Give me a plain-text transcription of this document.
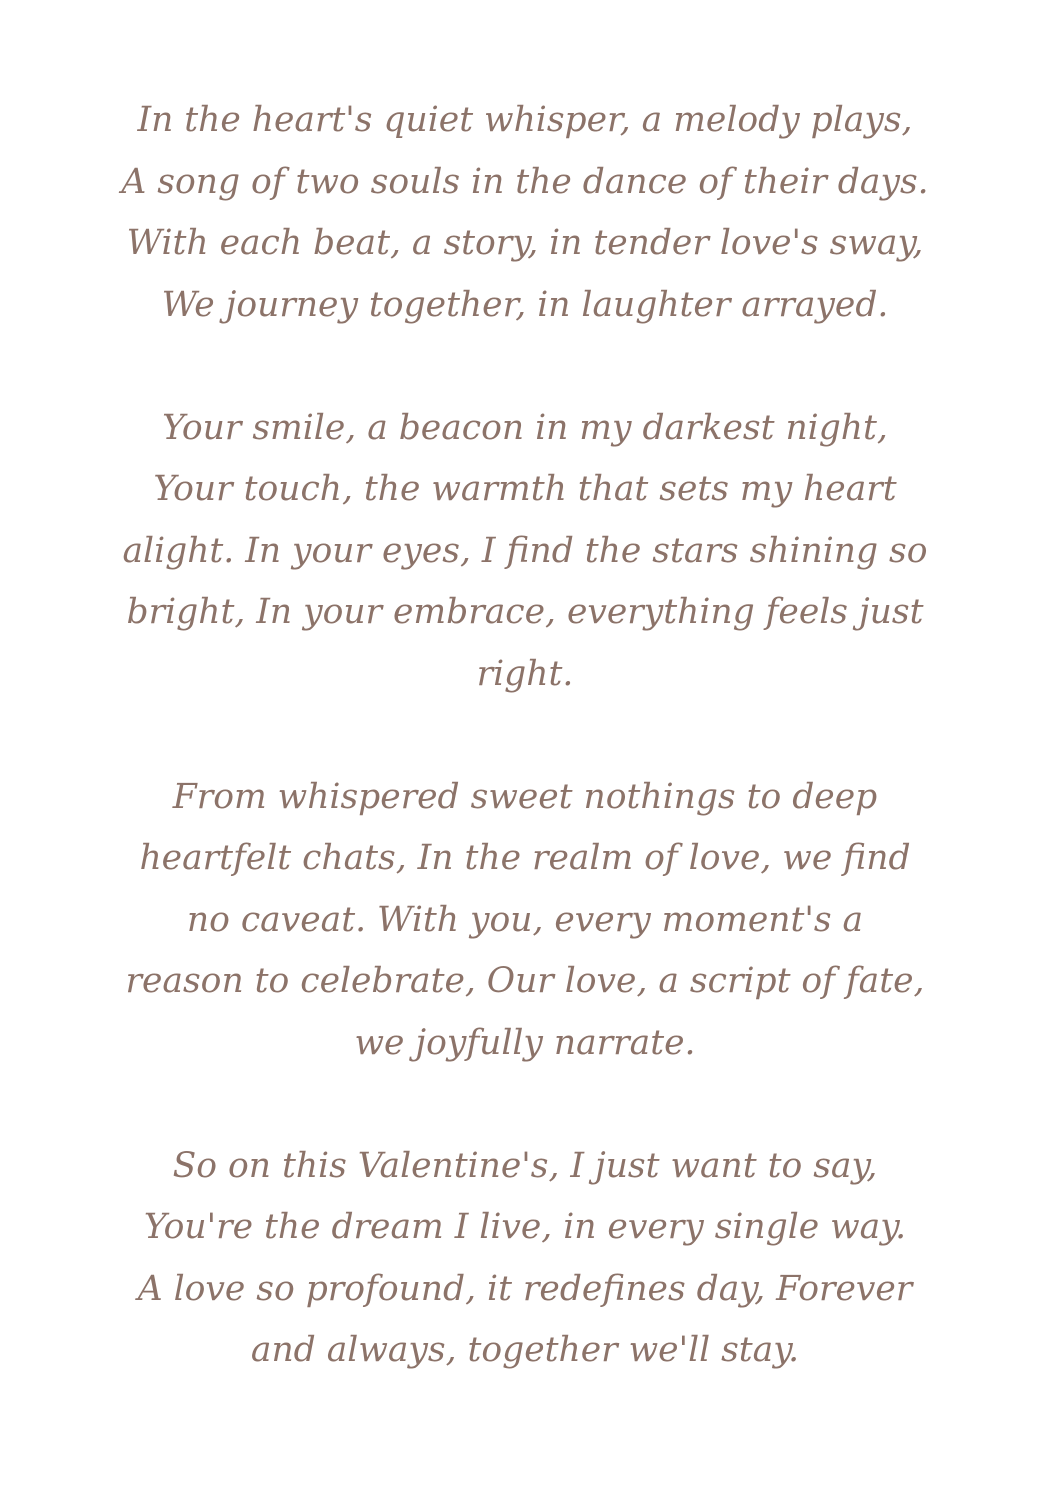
In the heart's quiet whisper, a melody plays,
A song of two souls in the dance of their days.
With each beat, a story, in tender love's sway,
We journey together, in laughter arrayed.

Your smile, a beacon in my darkest night,
Your touch, the warmth that sets my heart
alight. In your eyes, I find the stars shining so
bright, In your embrace, everything feels just
right.

From whispered sweet nothings to deep
heartfelt chats, In the realm of love, we find
no caveat. With you, every moment's a
reason to celebrate, Our love, a script of fate,
we joyfully narrate.

So on this Valentine's, I just want to say,
You're the dream I live, in every single way.
A love so profound, it redefines day, Forever
and always, together we'll stay.
